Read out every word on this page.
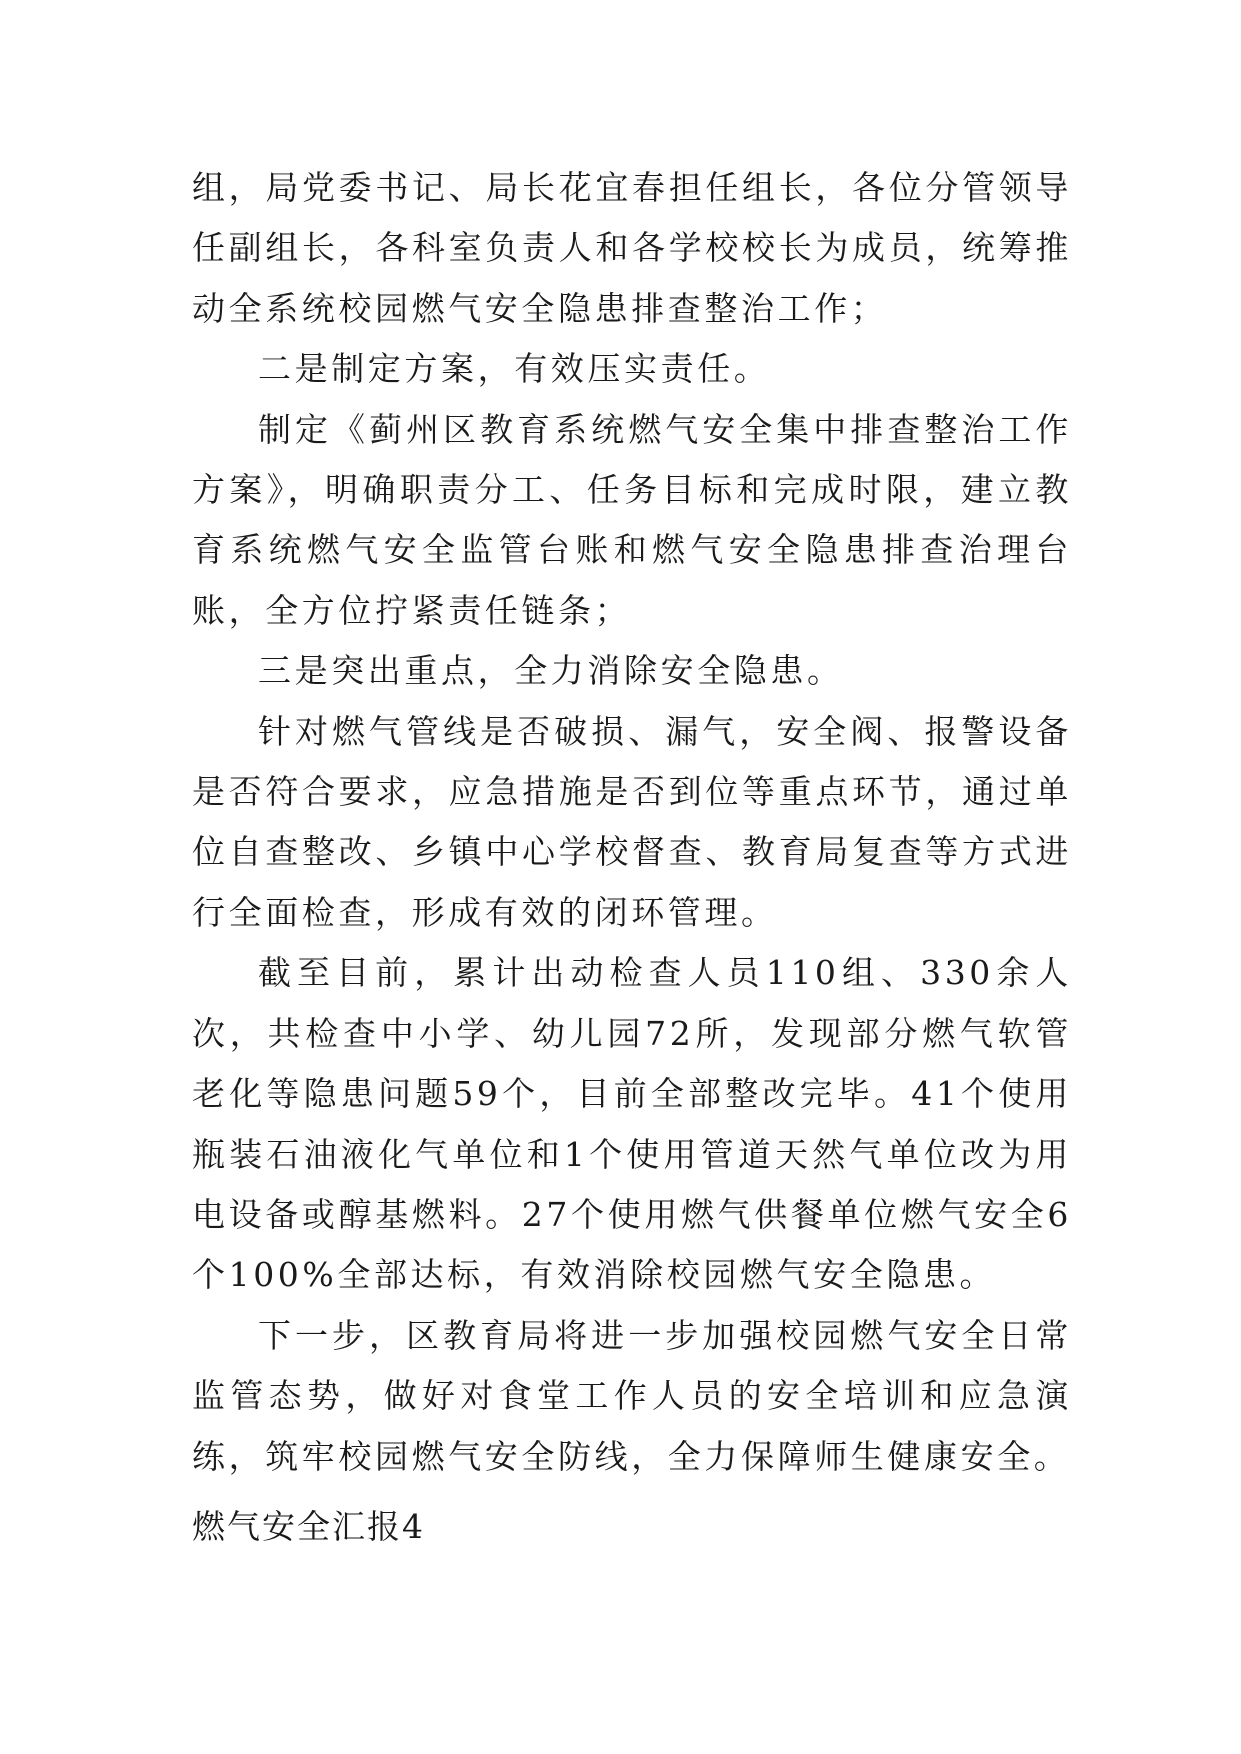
组，局党委书记、局长花宜春担任组长，各位分管领导任副组长，各科室负责人和各学校校长为成员，统筹推动全系统校园燃气安全隐患排查整治工作；

二是制定方案，有效压实责任。

制定《蓟州区教育系统燃气安全集中排查整治工作方案》，明确职责分工、任务目标和完成时限，建立教育系统燃气安全监管台账和燃气安全隐患排查治理台账，全方位拧紧责任链条；

三是突出重点，全力消除安全隐患。

针对燃气管线是否破损、漏气，安全阀、报警设备是否符合要求，应急措施是否到位等重点环节，通过单位自查整改、乡镇中心学校督查、教育局复查等方式进行全面检查，形成有效的闭环管理。

截至目前，累计出动检查人员110组、330余人次，共检查中小学、幼儿园72所，发现部分燃气软管老化等隐患问题59个，目前全部整改完毕。41个使用瓶装石油液化气单位和1个使用管道天然气单位改为用电设备或醇基燃料。27个使用燃气供餐单位燃气安全6个100%全部达标，有效消除校园燃气安全隐患。

下一步，区教育局将进一步加强校园燃气安全日常监管态势，做好对食堂工作人员的安全培训和应急演练，筑牢校园燃气安全防线，全力保障师生健康安全。

燃气安全汇报4
